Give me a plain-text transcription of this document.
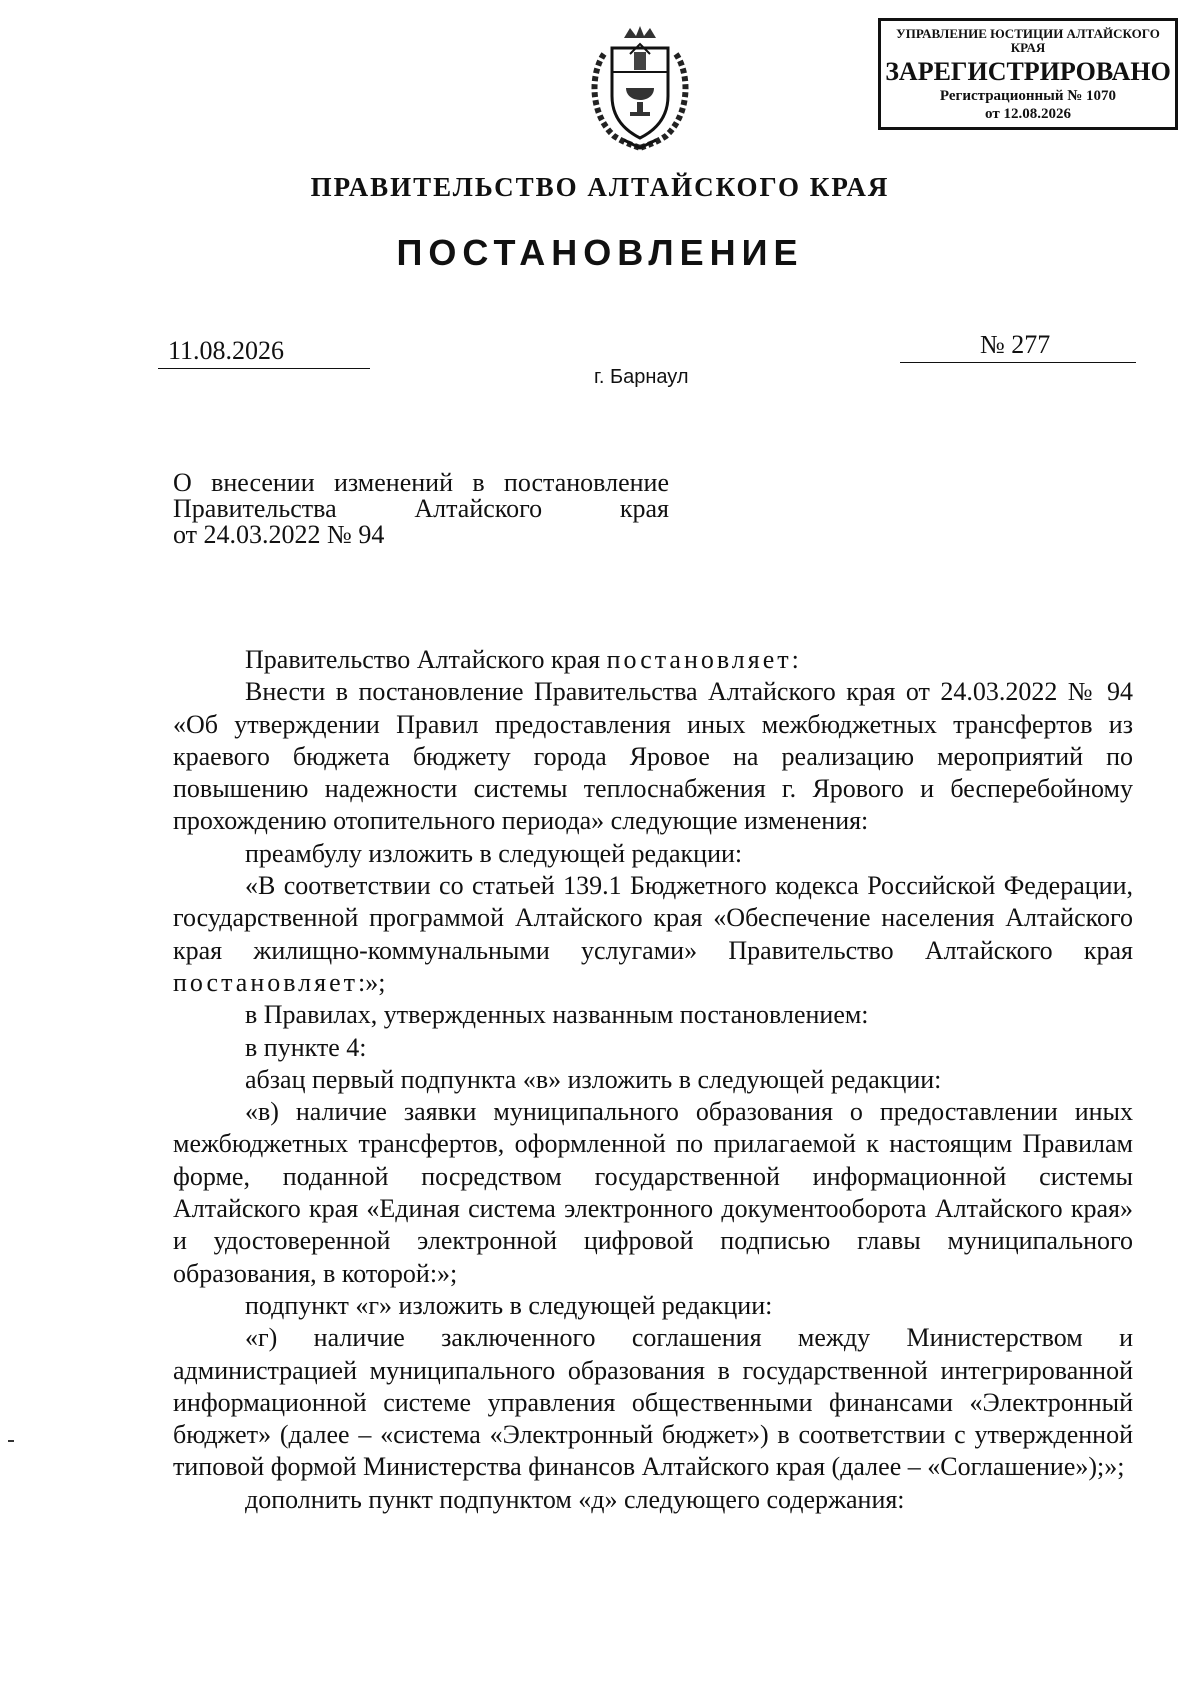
УПРАВЛЕНИЕ ЮСТИЦИИ АЛТАЙСКОГО КРАЯ
ЗАРЕГИСТРИРОВАНО
Регистрационный № 1070
от 12.08.2026
ПРАВИТЕЛЬСТВО АЛТАЙСКОГО КРАЯ
ПОСТАНОВЛЕНИЕ
11.08.2026	№ 277
г. Барнаул
О внесении изменений в постановление
Правительства Алтайского края
от 24.03.2022 № 94

Правительство Алтайского края постановляет:

Внести в постановление Правительства Алтайского края от 24.03.2022 № 94 «Об утверждении Правил предоставления иных межбюджетных трансфертов из краевого бюджета бюджету города Яровое на реализацию мероприятий по повышению надежности системы теплоснабжения г. Ярового и бесперебойному прохождению отопительного периода» следующие изменения:

преамбулу изложить в следующей редакции:

«В соответствии со статьей 139.1 Бюджетного кодекса Российской Федерации, государственной программой Алтайского края «Обеспечение населения Алтайского края жилищно-коммунальными услугами» Правительство Алтайского края постановляет:»;

в Правилах, утвержденных названным постановлением:

в пункте 4:

абзац первый подпункта «в» изложить в следующей редакции:

«в) наличие заявки муниципального образования о предоставлении иных межбюджетных трансфертов, оформленной по прилагаемой к настоящим Правилам форме, поданной посредством государственной информационной системы Алтайского края «Единая система электронного документооборота Алтайского края» и удостоверенной электронной цифровой подписью главы муниципального образования, в которой:»;

подпункт «г» изложить в следующей редакции:

«г) наличие заключенного соглашения между Министерством и администрацией муниципального образования в государственной интегрированной информационной системе управления общественными финансами «Электронный бюджет» (далее – «система «Электронный бюджет») в соответствии с утвержденной типовой формой Министерства финансов Алтайского края (далее – «Соглашение»);»;

дополнить пункт подпунктом «д» следующего содержания:
